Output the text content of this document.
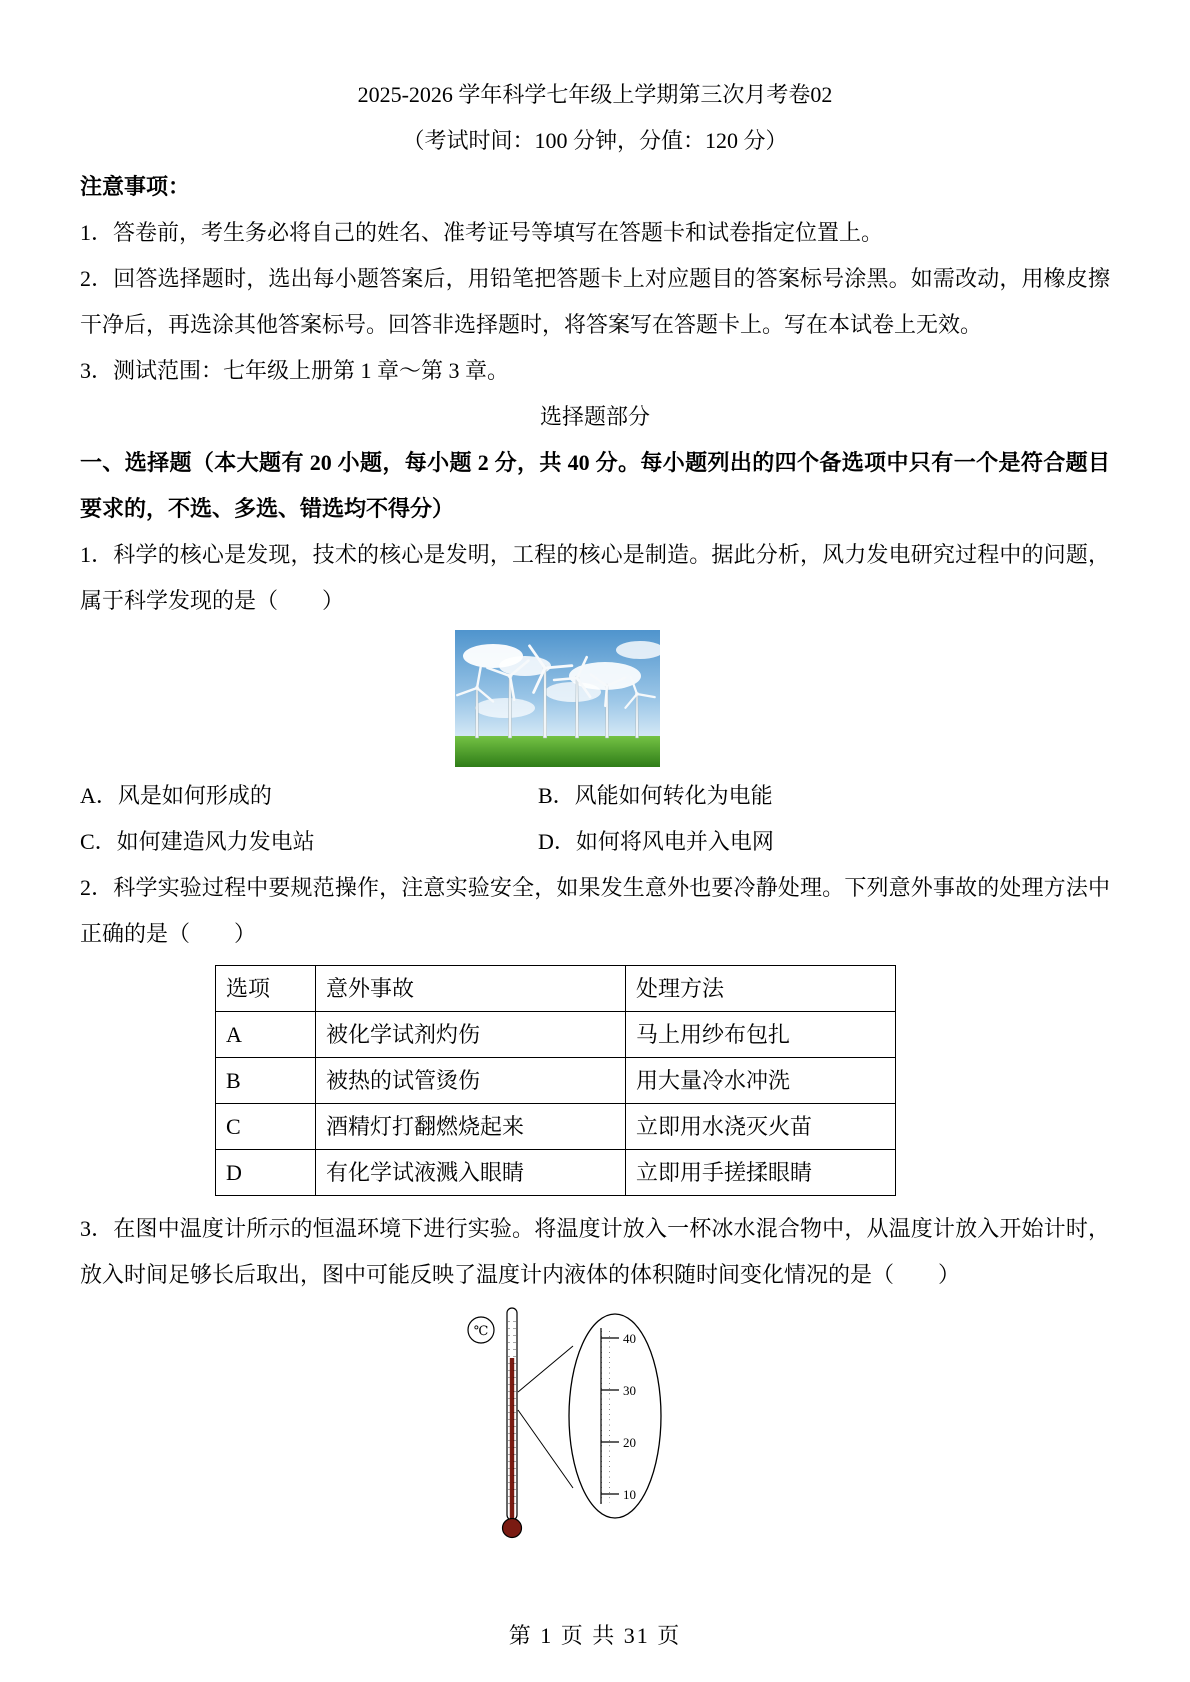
2025-2026 学年科学七年级上学期第三次月考卷02

（考试时间：100 分钟，分值：120 分）

注意事项：

1．答卷前，考生务必将自己的姓名、准考证号等填写在答题卡和试卷指定位置上。

2．回答选择题时，选出每小题答案后，用铅笔把答题卡上对应题目的答案标号涂黑。如需改动，用橡皮擦干净后，再选涂其他答案标号。回答非选择题时，将答案写在答题卡上。写在本试卷上无效。

3．测试范围：七年级上册第 1 章～第 3 章。

选择题部分

一、选择题（本大题有 20 小题，每小题 2 分，共 40 分。每小题列出的四个备选项中只有一个是符合题目要求的，不选、多选、错选均不得分）

1．科学的核心是发现，技术的核心是发明，工程的核心是制造。据此分析，风力发电研究过程中的问题，属于科学发现的是（　　）

A．风是如何形成的	B．风能如何转化为电能
C．如何建造风力发电站	D．如何将风电并入电网

2．科学实验过程中要规范操作，注意实验安全，如果发生意外也要冷静处理。下列意外事故的处理方法中正确的是（　　）

选项	意外事故	处理方法
A	被化学试剂灼伤	马上用纱布包扎
B	被热的试管烫伤	用大量冷水冲洗
C	酒精灯打翻燃烧起来	立即用水浇灭火苗
D	有化学试液溅入眼睛	立即用手搓揉眼睛

3．在图中温度计所示的恒温环境下进行实验。将温度计放入一杯冰水混合物中，从温度计放入开始计时，放入时间足够长后取出，图中可能反映了温度计内液体的体积随时间变化情况的是（　　）

℃
40
30
20
10
第 1 页 共 31 页
